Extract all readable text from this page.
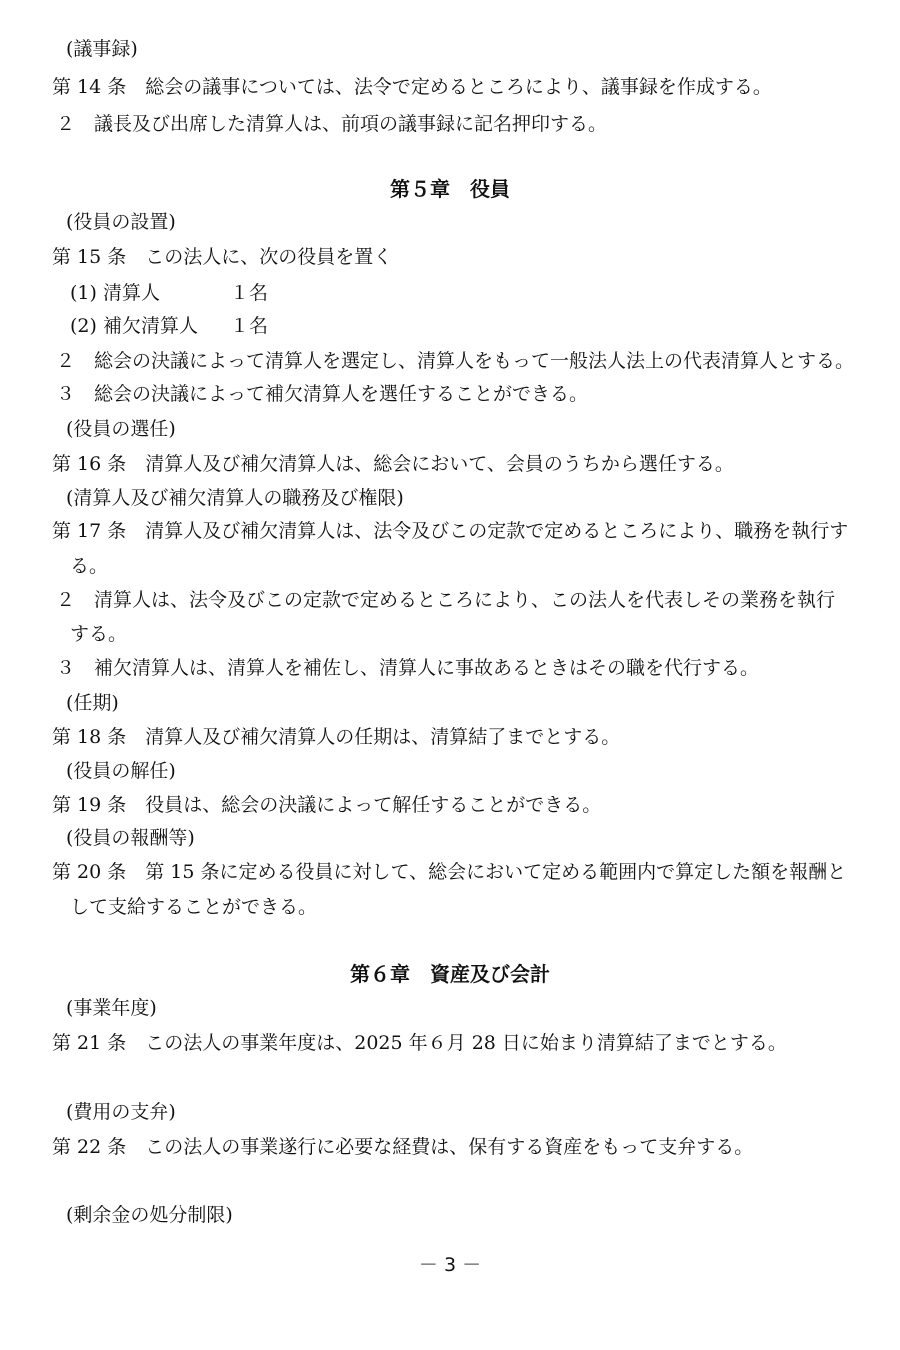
(議事録)
第 14 条　総会の議事については、法令で定めるところにより、議事録を作成する。
２　議長及び出席した清算人は、前項の議事録に記名押印する。
第５章　役員
(役員の設置)
第 15 条　この法人に、次の役員を置く
(1) 清算人	１名
(2) 補欠清算人 １名
２　総会の決議によって清算人を選定し、清算人をもって一般法人法上の代表清算人とする。
３　総会の決議によって補欠清算人を選任することができる。
(役員の選任)
第 16 条　清算人及び補欠清算人は、総会において、会員のうちから選任する。
(清算人及び補欠清算人の職務及び権限)
第 17 条　清算人及び補欠清算人は、法令及びこの定款で定めるところにより、職務を執行す
る。
２　清算人は、法令及びこの定款で定めるところにより、この法人を代表しその業務を執行
する。
３　補欠清算人は、清算人を補佐し、清算人に事故あるときはその職を代行する。
(任期)
第 18 条　清算人及び補欠清算人の任期は、清算結了までとする。
(役員の解任)
第 19 条　役員は、総会の決議によって解任することができる。
(役員の報酬等)
第 20 条　第 15 条に定める役員に対して、総会において定める範囲内で算定した額を報酬と
して支給することができる。
第６章　資産及び会計
(事業年度)
第 21 条　この法人の事業年度は、2025 年６月 28 日に始まり清算結了までとする。
(費用の支弁)
第 22 条　この法人の事業遂行に必要な経費は、保有する資産をもって支弁する。
(剰余金の処分制限)
－ 3 －
